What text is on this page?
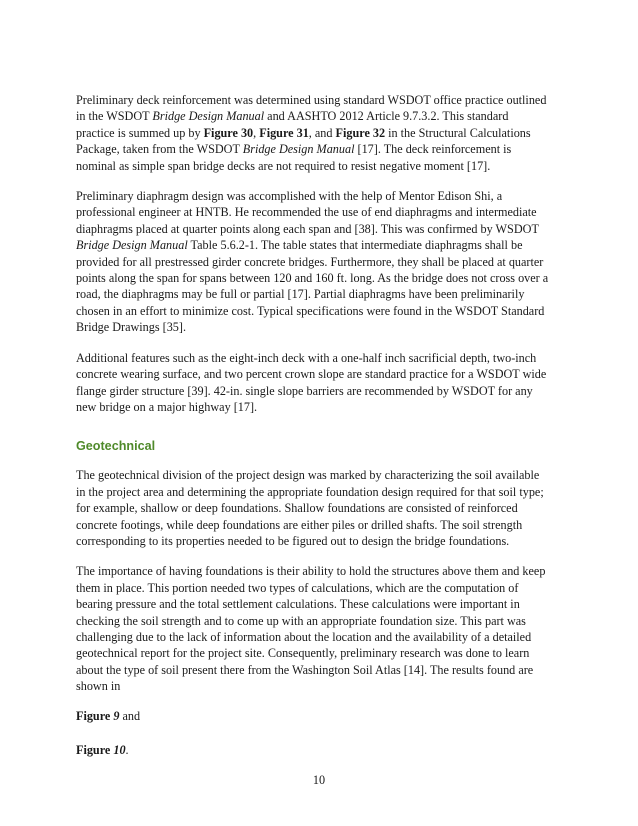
Preliminary deck reinforcement was determined using standard WSDOT office practice outlined
in the WSDOT Bridge Design Manual and AASHTO 2012 Article 9.7.3.2. This standard
practice is summed up by Figure 30, Figure 31, and Figure 32 in the Structural Calculations
Package, taken from the WSDOT Bridge Design Manual [17]. The deck reinforcement is
nominal as simple span bridge decks are not required to resist negative moment [17].

Preliminary diaphragm design was accomplished with the help of Mentor Edison Shi, a
professional engineer at HNTB. He recommended the use of end diaphragms and intermediate
diaphragms placed at quarter points along each span and [38]. This was confirmed by WSDOT
Bridge Design Manual Table 5.6.2-1. The table states that intermediate diaphragms shall be
provided for all prestressed girder concrete bridges. Furthermore, they shall be placed at quarter
points along the span for spans between 120 and 160 ft. long. As the bridge does not cross over a
road, the diaphragms may be full or partial [17]. Partial diaphragms have been preliminarily
chosen in an effort to minimize cost. Typical specifications were found in the WSDOT Standard
Bridge Drawings [35].

Additional features such as the eight-inch deck with a one-half inch sacrificial depth, two-inch
concrete wearing surface, and two percent crown slope are standard practice for a WSDOT wide
flange girder structure [39]. 42-in. single slope barriers are recommended by WSDOT for any
new bridge on a major highway [17].

Geotechnical

The geotechnical division of the project design was marked by characterizing the soil available
in the project area and determining the appropriate foundation design required for that soil type;
for example, shallow or deep foundations. Shallow foundations are consisted of reinforced
concrete footings, while deep foundations are either piles or drilled shafts. The soil strength
corresponding to its properties needed to be figured out to design the bridge foundations.

The importance of having foundations is their ability to hold the structures above them and keep
them in place. This portion needed two types of calculations, which are the computation of
bearing pressure and the total settlement calculations. These calculations were important in
checking the soil strength and to come up with an appropriate foundation size. This part was
challenging due to the lack of information about the location and the availability of a detailed
geotechnical report for the project site. Consequently, preliminary research was done to learn
about the type of soil present there from the Washington Soil Atlas [14]. The results found are
shown in

Figure 9 and

Figure 10.

10
